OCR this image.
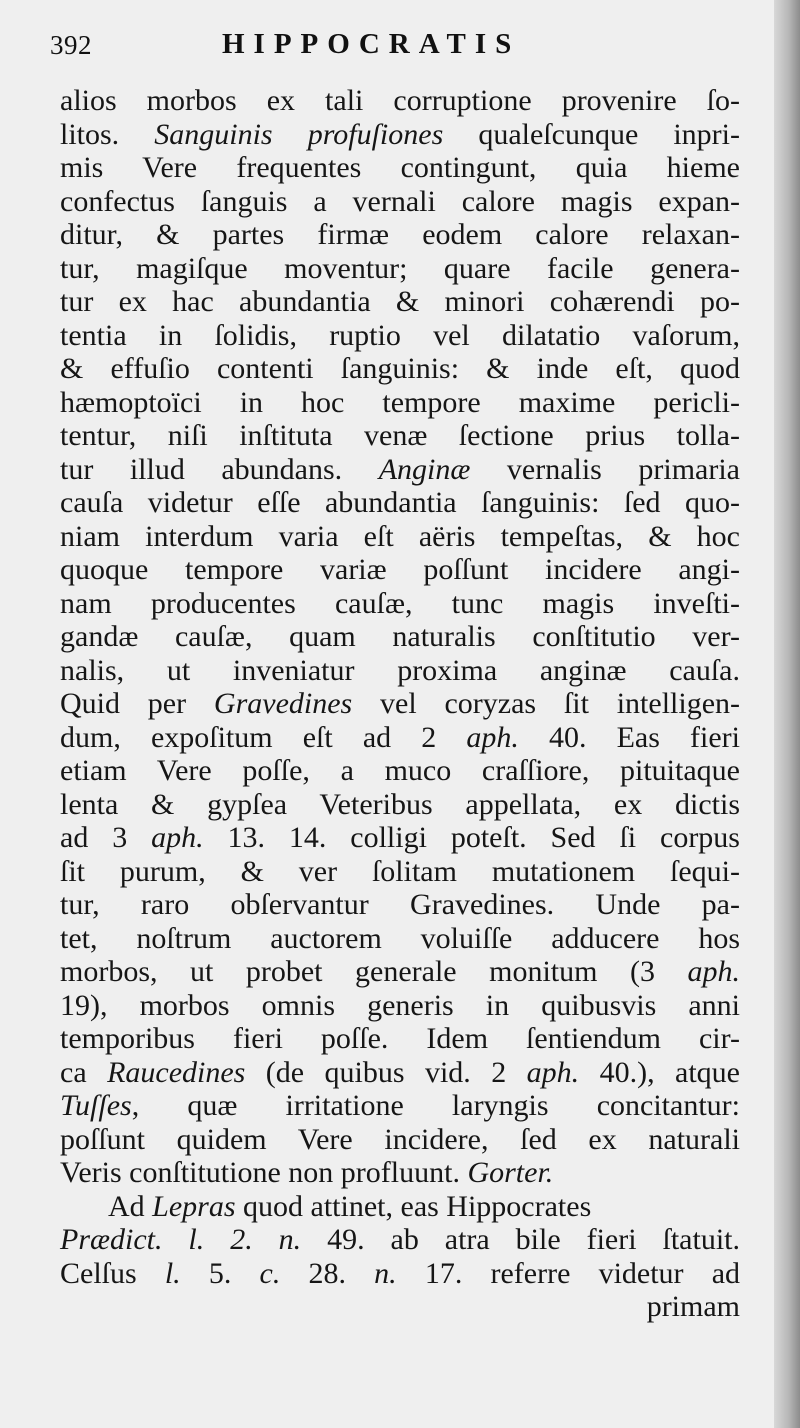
392	HIPPOCRATIS
alios morbos ex tali corruptione provenire ſo-
litos. Sanguinis profuſiones qualeſcunque inpri-
mis Vere frequentes contingunt, quia hieme
confectus ſanguis a vernali calore magis expan-
ditur, & partes firmæ eodem calore relaxan-
tur, magiſque moventur; quare facile genera-
tur ex hac abundantia & minori cohærendi po-
tentia in ſolidis, ruptio vel dilatatio vaſorum,
& effuſio contenti ſanguinis: & inde eſt, quod
hæmoptoïci in hoc tempore maxime pericli-
tentur, niſi inſtituta venæ ſectione prius tolla-
tur illud abundans. Anginæ vernalis primaria
cauſa videtur eſſe abundantia ſanguinis: ſed quo-
niam interdum varia eſt aëris tempeſtas, & hoc
quoque tempore variæ poſſunt incidere angi-
nam producentes cauſæ, tunc magis inveſti-
gandæ cauſæ, quam naturalis conſtitutio ver-
nalis, ut inveniatur proxima anginæ cauſa.
Quid per Gravedines vel coryzas ſit intelligen-
dum, expoſitum eſt ad 2 aph. 40. Eas fieri
etiam Vere poſſe, a muco craſſiore, pituitaque
lenta & gypſea Veteribus appellata, ex dictis
ad 3 aph. 13. 14. colligi poteſt. Sed ſi corpus
ſit purum, & ver ſolitam mutationem ſequi-
tur, raro obſervantur Gravedines. Unde pa-
tet, noſtrum auctorem voluiſſe adducere hos
morbos, ut probet generale monitum (3 aph.
19), morbos omnis generis in quibusvis anni
temporibus fieri poſſe. Idem ſentiendum cir-
ca Raucedines (de quibus vid. 2 aph. 40.), atque
Tuſſes, quæ irritatione laryngis concitantur:
poſſunt quidem Vere incidere, ſed ex naturali
Veris conſtitutione non profluunt. Gorter.
Ad Lepras quod attinet, eas Hippocrates
Prædict. l. 2. n. 49. ab atra bile fieri ſtatuit.
Celſus l. 5. c. 28. n. 17. referre videtur ad
primam
